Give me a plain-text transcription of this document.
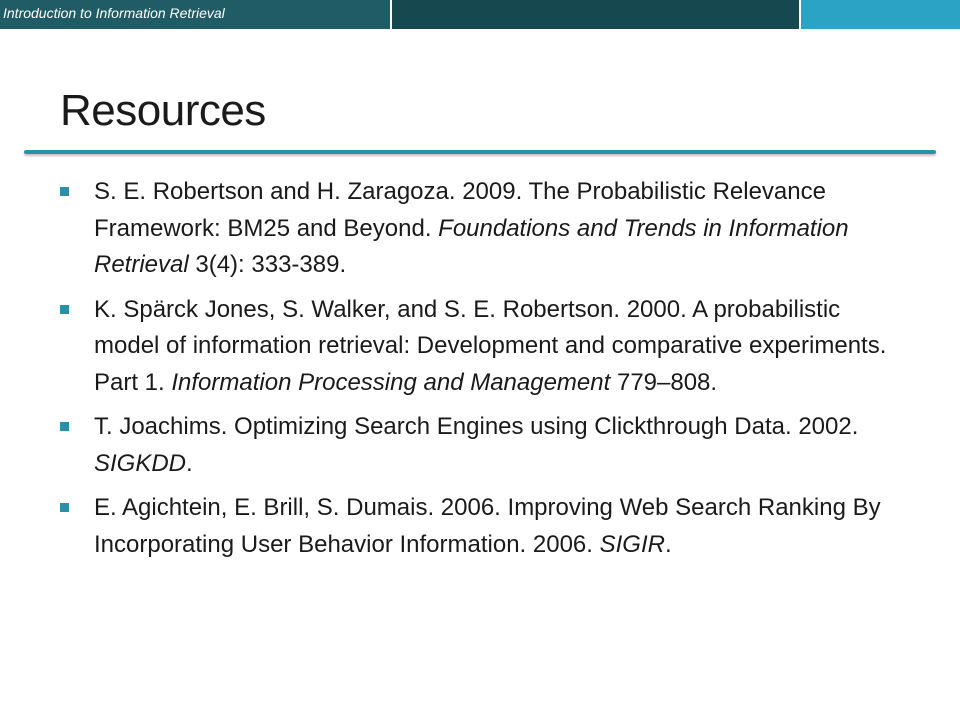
Introduction to Information Retrieval
Resources
S. E. Robertson and H. Zaragoza. 2009. The Probabilistic Relevance Framework: BM25 and Beyond. Foundations and Trends in Information Retrieval 3(4): 333-389.
K. Spärck Jones, S. Walker, and S. E. Robertson. 2000. A probabilistic model of information retrieval: Development and comparative experiments. Part 1. Information Processing and Management 779–808.
T. Joachims. Optimizing Search Engines using Clickthrough Data. 2002. SIGKDD.
E. Agichtein, E. Brill, S. Dumais. 2006. Improving Web Search Ranking By Incorporating User Behavior Information. 2006. SIGIR.
